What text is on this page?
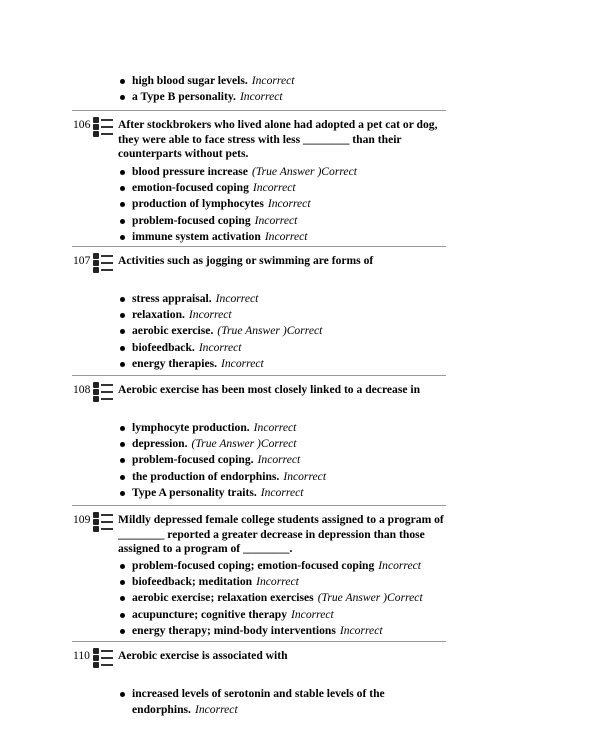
high blood sugar levels. Incorrect
a Type B personality. Incorrect
106 After stockbrokers who lived alone had adopted a pet cat or dog, they were able to face stress with less ________ than their counterparts without pets.
blood pressure increase (True Answer )Correct
emotion-focused coping Incorrect
production of lymphocytes Incorrect
problem-focused coping Incorrect
immune system activation Incorrect
107 Activities such as jogging or swimming are forms of
stress appraisal. Incorrect
relaxation. Incorrect
aerobic exercise. (True Answer )Correct
biofeedback. Incorrect
energy therapies. Incorrect
108 Aerobic exercise has been most closely linked to a decrease in
lymphocyte production. Incorrect
depression. (True Answer )Correct
problem-focused coping. Incorrect
the production of endorphins. Incorrect
Type A personality traits. Incorrect
109 Mildly depressed female college students assigned to a program of ________ reported a greater decrease in depression than those assigned to a program of ________.
problem-focused coping; emotion-focused coping Incorrect
biofeedback; meditation Incorrect
aerobic exercise; relaxation exercises (True Answer )Correct
acupuncture; cognitive therapy Incorrect
energy therapy; mind-body interventions Incorrect
110 Aerobic exercise is associated with
increased levels of serotonin and stable levels of the endorphins. Incorrect
